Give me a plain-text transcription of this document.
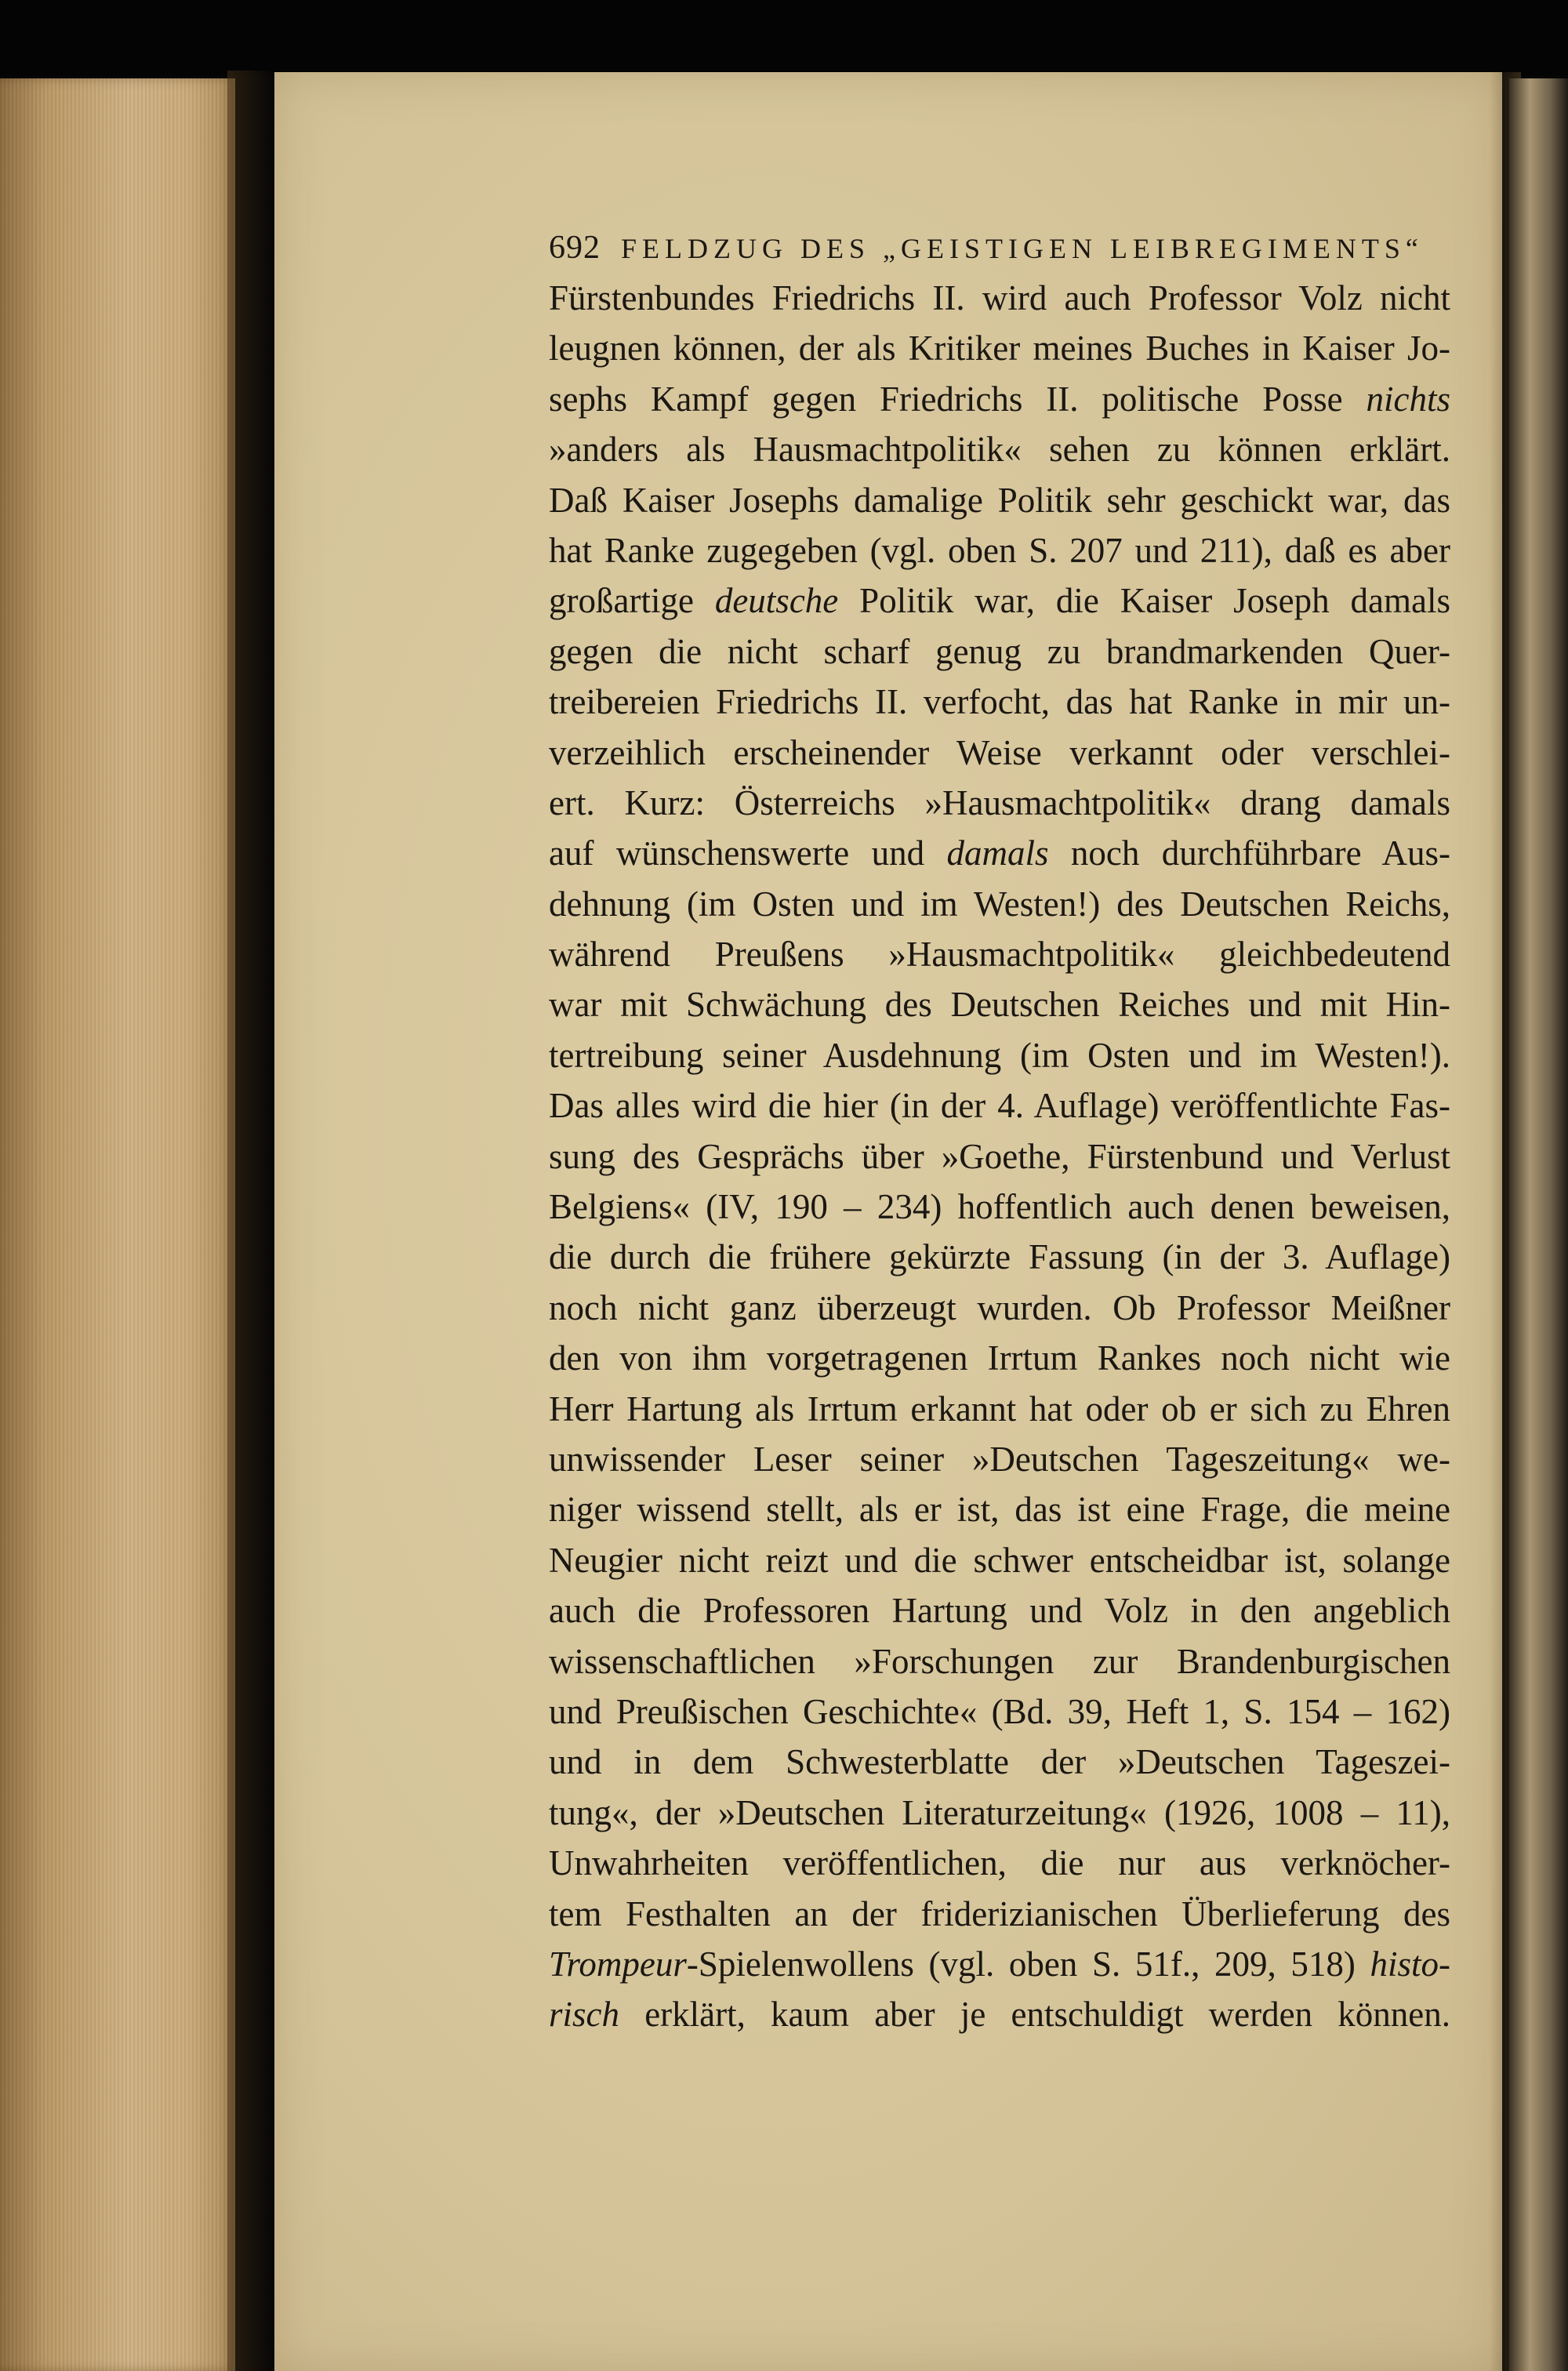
692 FELDZUG DES „GEISTIGEN LEIBREGIMENTS“
Fürstenbundes Friedrichs II. wird auch Professor Volz nicht
leugnen können, der als Kritiker meines Buches in Kaiser Jo-
sephs Kampf gegen Friedrichs II. politische Posse nichts
»anders als Hausmachtpolitik« sehen zu können erklärt.
Daß Kaiser Josephs damalige Politik sehr geschickt war, das
hat Ranke zugegeben (vgl. oben S. 207 und 211), daß es aber
großartige deutsche Politik war, die Kaiser Joseph damals
gegen die nicht scharf genug zu brandmarkenden Quer-
treibereien Friedrichs II. verfocht, das hat Ranke in mir un-
verzeihlich erscheinender Weise verkannt oder verschlei-
ert. Kurz: Österreichs »Hausmachtpolitik« drang damals
auf wünschenswerte und damals noch durchführbare Aus-
dehnung (im Osten und im Westen!) des Deutschen Reichs,
während Preußens »Hausmachtpolitik« gleichbedeutend
war mit Schwächung des Deutschen Reiches und mit Hin-
tertreibung seiner Ausdehnung (im Osten und im Westen!).
Das alles wird die hier (in der 4. Auflage) veröffentlichte Fas-
sung des Gesprächs über »Goethe, Fürstenbund und Verlust
Belgiens« (IV, 190 – 234) hoffentlich auch denen beweisen,
die durch die frühere gekürzte Fassung (in der 3. Auflage)
noch nicht ganz überzeugt wurden. Ob Professor Meißner
den von ihm vorgetragenen Irrtum Rankes noch nicht wie
Herr Hartung als Irrtum erkannt hat oder ob er sich zu Ehren
unwissender Leser seiner »Deutschen Tageszeitung« we-
niger wissend stellt, als er ist, das ist eine Frage, die meine
Neugier nicht reizt und die schwer entscheidbar ist, solange
auch die Professoren Hartung und Volz in den angeblich
wissenschaftlichen »Forschungen zur Brandenburgischen
und Preußischen Geschichte« (Bd. 39, Heft 1, S. 154 – 162)
und in dem Schwesterblatte der »Deutschen Tageszei-
tung«, der »Deutschen Literaturzeitung« (1926, 1008 – 11),
Unwahrheiten veröffentlichen, die nur aus verknöcher-
tem Festhalten an der friderizianischen Überlieferung des
Trompeur-Spielenwollens (vgl. oben S. 51f., 209, 518) histo-
risch erklärt, kaum aber je entschuldigt werden können.
